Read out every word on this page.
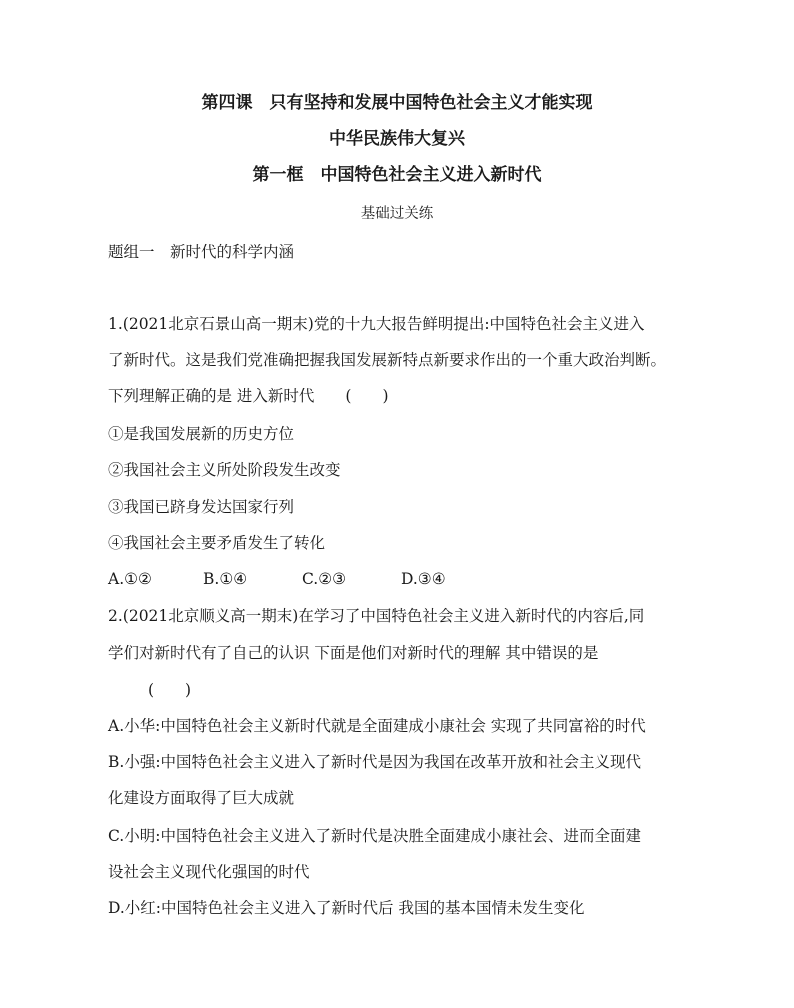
第四课　只有坚持和发展中国特色社会主义才能实现
中华民族伟大复兴
第一框　中国特色社会主义进入新时代
基础过关练
题组一　新时代的科学内涵
1.(2021北京石景山高一期末)党的十九大报告鲜明提出:中国特色社会主义进入
了新时代。这是我们党准确把握我国发展新特点新要求作出的一个重大政治判断。
下列理解正确的是 进入新时代　　(　　)
①是我国发展新的历史方位
②我国社会主义所处阶段发生改变
③我国已跻身发达国家行列
④我国社会主要矛盾发生了转化
A.①②	B.①④	C.②③	D.③④
2.(2021北京顺义高一期末)在学习了中国特色社会主义进入新时代的内容后,同
学们对新时代有了自己的认识 下面是他们对新时代的理解 其中错误的是
(　　)
A.小华:中国特色社会主义新时代就是全面建成小康社会 实现了共同富裕的时代
B.小强:中国特色社会主义进入了新时代是因为我国在改革开放和社会主义现代
化建设方面取得了巨大成就
C.小明:中国特色社会主义进入了新时代是决胜全面建成小康社会、进而全面建
设社会主义现代化强国的时代
D.小红:中国特色社会主义进入了新时代后 我国的基本国情未发生变化
